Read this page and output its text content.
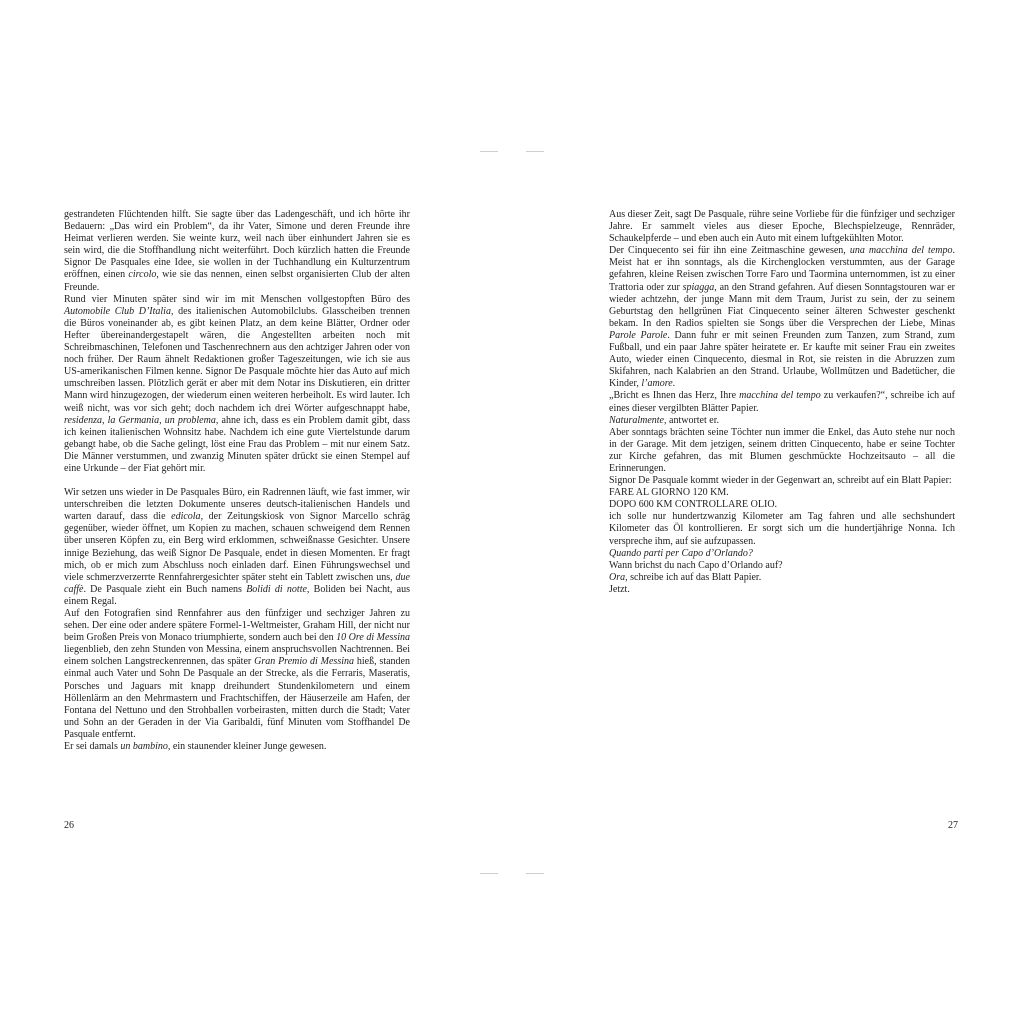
gestrandeten Flüchtenden hilft. Sie sagte über das Ladengeschäft, und ich hörte ihr Bedauern: „Das wird ein Problem“, da ihr Vater, Simone und deren Freunde ihre Heimat verlieren werden. Sie weinte kurz, weil nach über einhundert Jahren sie es sein wird, die die Stoffhandlung nicht weiterführt. Doch kürzlich hatten die Freunde Signor De Pasquales eine Idee, sie wollen in der Tuchhandlung ein Kulturzentrum eröffnen, einen circolo, wie sie das nennen, einen selbst organisierten Club der alten Freunde.

Rund vier Minuten später sind wir im mit Menschen vollgestopften Büro des Automobile Club D’Italia, des italienischen Automobilclubs. Glasscheiben trennen die Büros voneinander ab, es gibt keinen Platz, an dem keine Blätter, Ordner oder Hefter übereinandergestapelt wären, die Angestellten arbeiten noch mit Schreibmaschinen, Telefonen und Taschenrechnern aus den achtziger Jahren oder von noch früher. Der Raum ähnelt Redaktionen großer Tageszeitungen, wie ich sie aus US-amerikanischen Filmen kenne. Signor De Pasquale möchte hier das Auto auf mich umschreiben lassen. Plötzlich gerät er aber mit dem Notar ins Diskutieren, ein dritter Mann wird hinzugezogen, der wiederum einen weiteren herbeiholt. Es wird lauter. Ich weiß nicht, was vor sich geht; doch nachdem ich drei Wörter aufgeschnappt habe, residenza, la Germania, un problema, ahne ich, dass es ein Problem damit gibt, dass ich keinen italienischen Wohnsitz habe. Nachdem ich eine gute Viertelstunde darum gebangt habe, ob die Sache gelingt, löst eine Frau das Problem – mit nur einem Satz. Die Männer verstummen, und zwanzig Minuten später drückt sie einen Stempel auf eine Urkunde – der Fiat gehört mir.

Wir setzen uns wieder in De Pasquales Büro, ein Radrennen läuft, wie fast immer, wir unterschreiben die letzten Dokumente unseres deutsch-italienischen Handels und warten darauf, dass die edicola, der Zeitungskiosk von Signor Marcello schräg gegenüber, wieder öffnet, um Kopien zu machen, schauen schweigend dem Rennen über unseren Köpfen zu, ein Berg wird erklommen, schweißnasse Gesichter. Unsere innige Beziehung, das weiß Signor De Pasquale, endet in diesen Momenten. Er fragt mich, ob er mich zum Abschluss noch einladen darf. Einen Führungswechsel und viele schmerzverzerrte Rennfahrergesichter später steht ein Tablett zwischen uns, due caffè. De Pasquale zieht ein Buch namens Bolidi di notte, Boliden bei Nacht, aus einem Regal.

Auf den Fotografien sind Rennfahrer aus den fünfziger und sechziger Jahren zu sehen. Der eine oder andere spätere Formel-1-Weltmeister, Graham Hill, der nicht nur beim Großen Preis von Monaco triumphierte, sondern auch bei den 10 Ore di Messina liegenblieb, den zehn Stunden von Messina, einem anspruchsvollen Nachtrennen. Bei einem solchen Langstreckenrennen, das später Gran Premio di Messina hieß, standen einmal auch Vater und Sohn De Pasquale an der Strecke, als die Ferraris, Maseratis, Porsches und Jaguars mit knapp dreihundert Stundenkilometern und einem Höllenlärm an den Mehrmastern und Frachtschiffen, der Häuserzeile am Hafen, der Fontana del Nettuno und den Strohballen vorbeirasten, mitten durch die Stadt; Vater und Sohn an der Geraden in der Via Garibaldi, fünf Minuten vom Stoffhandel De Pasquale entfernt.

Er sei damals un bambino, ein staunender kleiner Junge gewesen.

26

Aus dieser Zeit, sagt De Pasquale, rühre seine Vorliebe für die fünfziger und sechziger Jahre. Er sammelt vieles aus dieser Epoche, Blechspielzeuge, Rennräder, Schaukelpferde – und eben auch ein Auto mit einem luftgekühlten Motor.

Der Cinquecento sei für ihn eine Zeitmaschine gewesen, una macchina del tempo. Meist hat er ihn sonntags, als die Kirchenglocken verstummten, aus der Garage gefahren, kleine Reisen zwischen Torre Faro und Taormina unternommen, ist zu einer Trattoria oder zur spiagga, an den Strand gefahren. Auf diesen Sonntagstouren war er wieder achtzehn, der junge Mann mit dem Traum, Jurist zu sein, der zu seinem Geburtstag den hellgrünen Fiat Cinquecento seiner älteren Schwester geschenkt bekam. In den Radios spielten sie Songs über die Versprechen der Liebe, Minas Parole Parole. Dann fuhr er mit seinen Freunden zum Tanzen, zum Strand, zum Fußball, und ein paar Jahre später heiratete er. Er kaufte mit seiner Frau ein zweites Auto, wieder einen Cinquecento, diesmal in Rot, sie reisten in die Abruzzen zum Skifahren, nach Kalabrien an den Strand. Urlaube, Wollmützen und Badetücher, die Kinder, l’amore.

„Bricht es Ihnen das Herz, Ihre macchina del tempo zu verkaufen?“, schreibe ich auf eines dieser vergilbten Blätter Papier.

Naturalmente, antwortet er.

Aber sonntags brächten seine Töchter nun immer die Enkel, das Auto stehe nur noch in der Garage. Mit dem jetzigen, seinem dritten Cinquecento, habe er seine Tochter zur Kirche gefahren, das mit Blumen geschmückte Hochzeitsauto – all die Erinnerungen.

Signor De Pasquale kommt wieder in der Gegenwart an, schreibt auf ein Blatt Papier:

FARE AL GIORNO 120 KM.

DOPO 600 KM CONTROLLARE OLIO.

ich solle nur hundertzwanzig Kilometer am Tag fahren und alle sechshundert Kilometer das Öl kontrollieren. Er sorgt sich um die hundertjährige Nonna. Ich verspreche ihm, auf sie aufzupassen.

Quando parti per Capo d’Orlando?

Wann brichst du nach Capo d’Orlando auf?

Ora, schreibe ich auf das Blatt Papier.

Jetzt.

27
